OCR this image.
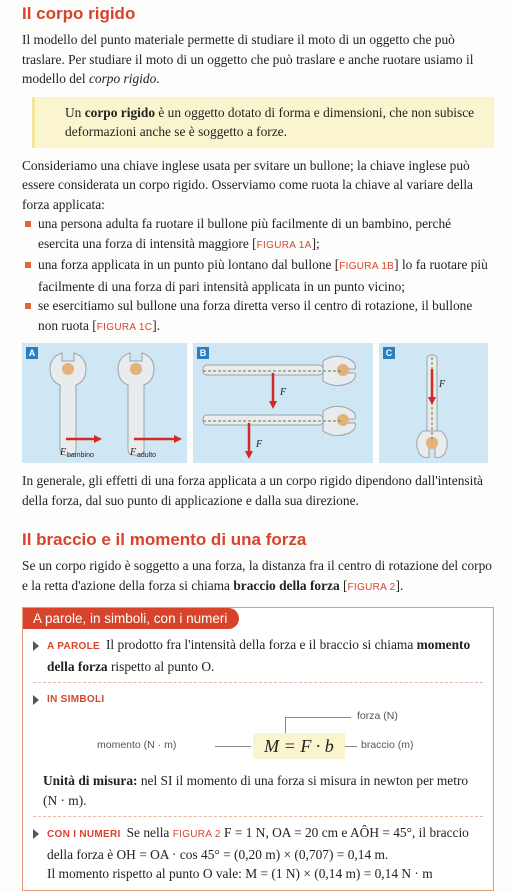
Il corpo rigido

Il modello del punto materiale permette di studiare il moto di un oggetto che può traslare. Per studiare il moto di un oggetto che può traslare e anche ruotare usiamo il modello del corpo rigido.

Un corpo rigido è un oggetto dotato di forma e dimensioni, che non subisce deformazioni anche se è soggetto a forze.

Consideriamo una chiave inglese usata per svitare un bullone; la chiave inglese può essere considerata un corpo rigido. Osserviamo come ruota la chiave al variare della forza applicata:

una persona adulta fa ruotare il bullone più facilmente di un bambino, perché esercita una forza di intensità maggiore [FIGURA 1A];
una forza applicata in un punto più lontano dal bullone [FIGURA 1B] lo fa ruotare più facilmente di una forza di pari intensità applicata in un punto vicino;
se esercitiamo sul bullone una forza diretta verso il centro di rotazione, il bullone non ruota [FIGURA 1C].
A
F bambino	F adulto
B
F
F
C
F

In generale, gli effetti di una forza applicata a un corpo rigido dipendono dall'intensità della forza, dal suo punto di applicazione e dalla sua direzione.

Il braccio e il momento di una forza

Se un corpo rigido è soggetto a una forza, la distanza fra il centro di rotazione del corpo e la retta d'azione della forza si chiama braccio della forza [FIGURA 2].

A parole, in simboli, con i numeri

A PAROLE Il prodotto fra l'intensità della forza e il braccio si chiama momento della forza rispetto al punto O.

IN SIMBOLI
momento (N · m)	M = F · b
forza (N)
braccio (m)

Unità di misura: nel SI il momento di una forza si misura in newton per metro (N · m).

CON I NUMERI Se nella FIGURA 2 F = 1 N, OA = 20 cm e AÔH = 45°, il braccio della forza è OH = OA · cos 45° = (0,20 m) × (0,707) = 0,14 m.

Il momento rispetto al punto O vale: M = (1 N) × (0,14 m) = 0,14 N · m
